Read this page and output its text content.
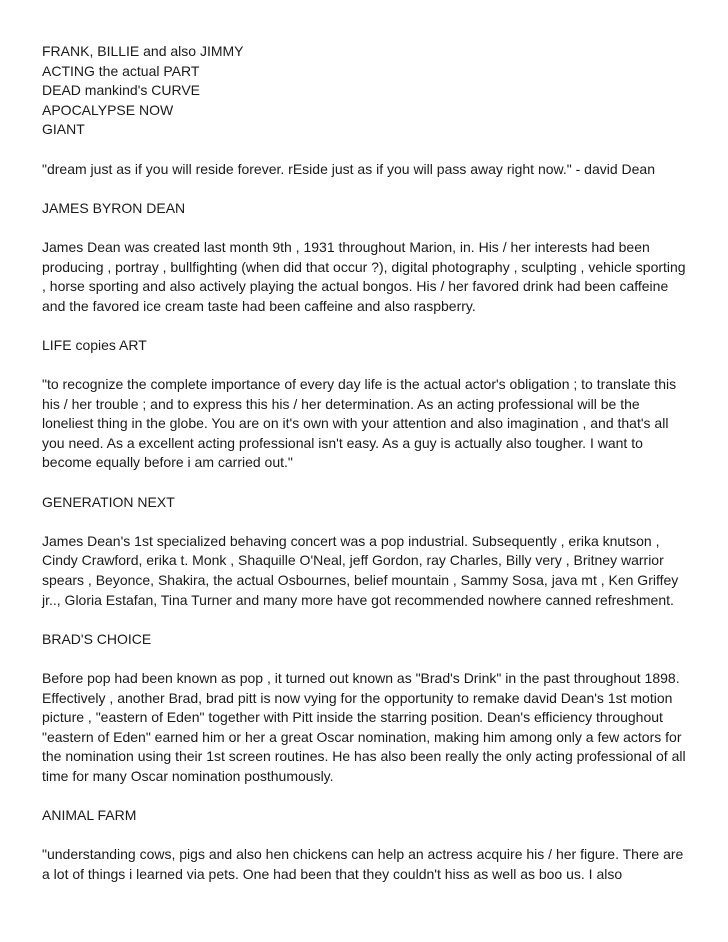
FRANK, BILLIE and also JIMMY

ACTING the actual PART

DEAD mankind's CURVE

APOCALYPSE NOW

GIANT

"dream just as if you will reside forever. rEside just as if you will pass away right now." - david Dean

JAMES BYRON DEAN

James Dean was created last month 9th , 1931 throughout Marion, in. His / her interests had been producing , portray , bullfighting (when did that occur ?), digital photography , sculpting , vehicle sporting , horse sporting and also actively playing the actual bongos. His / her favored drink had been caffeine and the favored ice cream taste had been caffeine and also raspberry.

LIFE copies ART

"to recognize the complete importance of every day life is the actual actor's obligation ; to translate this his / her trouble ; and to express this his / her determination. As an acting professional will be the loneliest thing in the globe. You are on it's own with your attention and also imagination , and that's all you need. As a excellent acting professional isn't easy. As a guy is actually also tougher. I want to become equally before i am carried out."

GENERATION NEXT

James Dean's 1st specialized behaving concert was a pop industrial. Subsequently , erika knutson , Cindy Crawford, erika t. Monk , Shaquille O'Neal, jeff Gordon, ray Charles, Billy very , Britney warrior spears , Beyonce, Shakira, the actual Osbournes, belief mountain , Sammy Sosa, java mt , Ken Griffey jr.., Gloria Estafan, Tina Turner and many more have got recommended nowhere canned refreshment.

BRAD'S CHOICE

Before pop had been known as pop , it turned out known as "Brad's Drink" in the past throughout 1898. Effectively , another Brad, brad pitt is now vying for the opportunity to remake david Dean's 1st motion picture , "eastern of Eden" together with Pitt inside the starring position. Dean's efficiency throughout "eastern of Eden" earned him or her a great Oscar nomination, making him among only a few actors for the nomination using their 1st screen routines. He has also been really the only acting professional of all time for many Oscar nomination posthumously.

ANIMAL FARM

"understanding cows, pigs and also hen chickens can help an actress acquire his / her figure. There are a lot of things i learned via pets. One had been that they couldn't hiss as well as boo us. I also
